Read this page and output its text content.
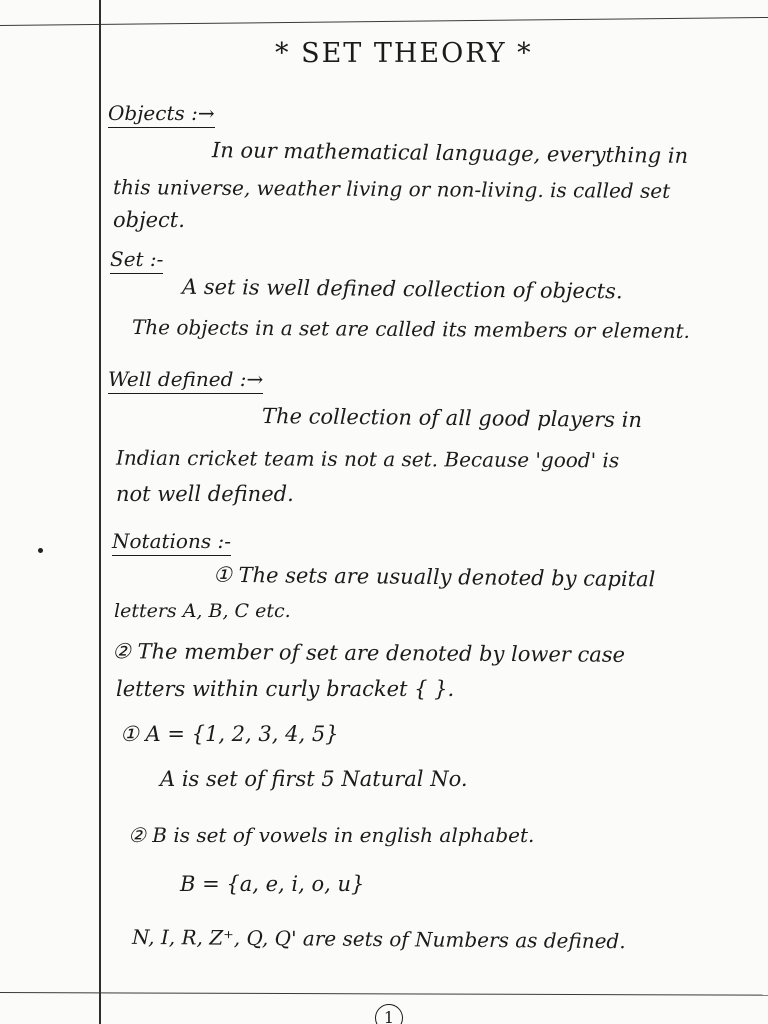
* SET THEORY *
Objects :→
In our mathematical language, everything in
this universe, weather living or non-living. is called set
object.
Set :-
A set is well defined collection of objects.
The objects in a set are called its members or element.
Well defined :→
The collection of all good players in
Indian cricket team is not a set. Because 'good' is
not well defined.
Notations :-
① The sets are usually denoted by capital
letters A, B, C etc.
② The member of set are denoted by lower case
letters within curly bracket { }.
① A = {1, 2, 3, 4, 5}
A is set of first 5 Natural No.
② B is set of vowels in english alphabet.
B = {a, e, i, o, u}
N, I, R, Z⁺, Q, Q' are sets of Numbers as defined.
1
